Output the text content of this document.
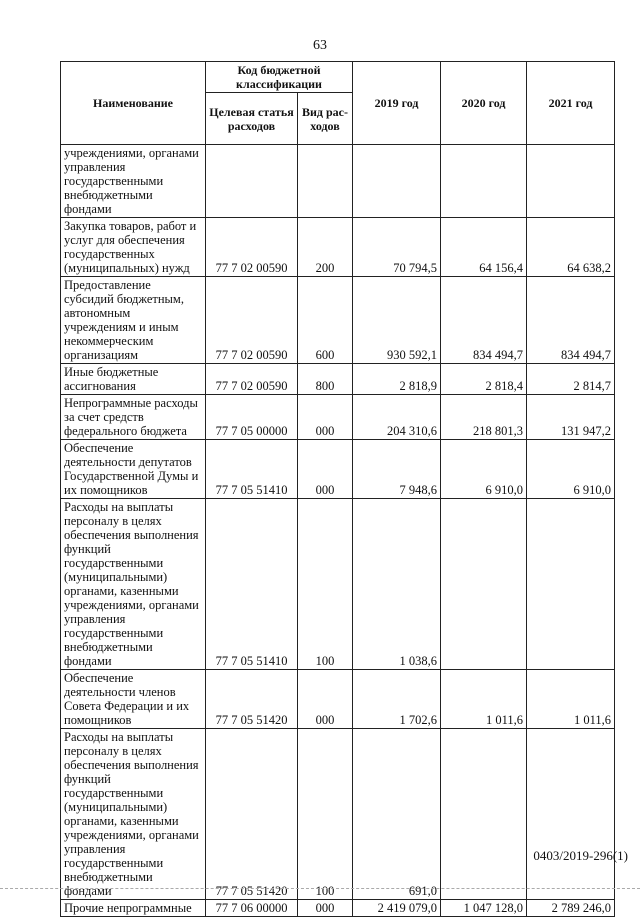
63
Наименование	Код бюджетной классификации		2019 год	2020 год	2021 год
	Целевая статья расходов	Вид рас-ходов			
учреждениями, органами управления государственными внебюджетными фондами					
Закупка товаров, работ и услуг для обеспечения государственных (муниципальных) нужд	77 7 02 00590	200	70 794,5	64 156,4	64 638,2
Предоставление субсидий бюджетным, автономным учреждениям и иным некоммерческим организациям	77 7 02 00590	600	930 592,1	834 494,7	834 494,7
Иные бюджетные ассигнования	77 7 02 00590	800	2 818,9	2 818,4	2 814,7
Непрограммные расходы за счет средств федерального бюджета	77 7 05 00000	000	204 310,6	218 801,3	131 947,2
Обеспечение деятельности депутатов Государственной Думы и их помощников	77 7 05 51410	000	7 948,6	6 910,0	6 910,0
Расходы на выплаты персоналу в целях обеспечения выполнения функций государственными (муниципальными) органами, казенными учреждениями, органами управления государственными внебюджетными фондами	77 7 05 51410	100	1 038,6		
Обеспечение деятельности членов Совета Федерации и их помощников	77 7 05 51420	000	1 702,6	1 011,6	1 011,6
Расходы на выплаты персоналу в целях обеспечения выполнения функций государственными (муниципальными) органами, казенными учреждениями, органами управления государственными внебюджетными фондами	77 7 05 51420	100	691,0		
Прочие непрограммные	77 7 06 00000	000	2 419 079,0	1 047 128,0	2 789 246,0
0403/2019-296(1)
